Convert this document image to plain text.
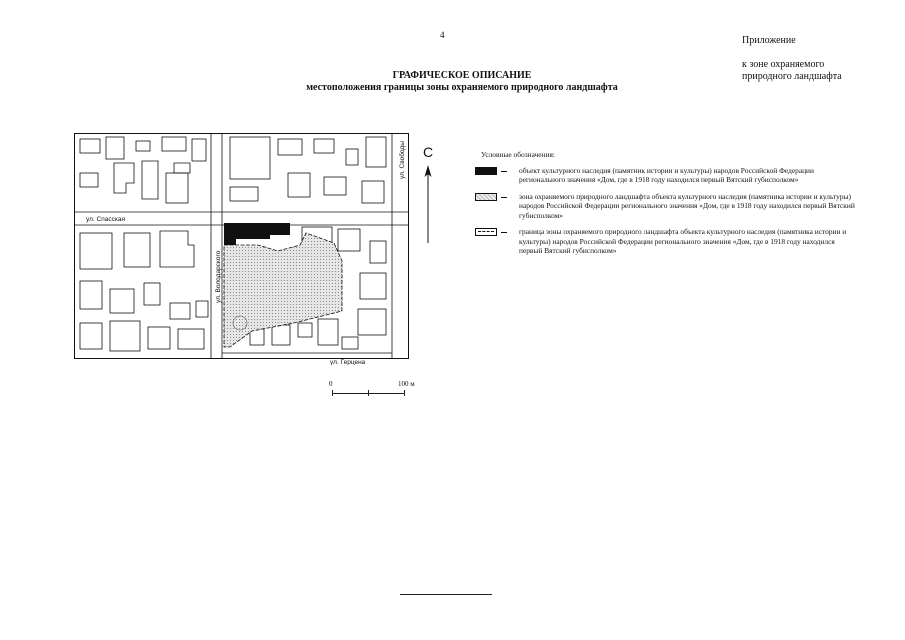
4	Приложение
к зоне охраняемого
природного ландшафта
ГРАФИЧЕСКОЕ ОПИСАНИЕ
местоположения границы зоны охраняемого природного ландшафта
ул. Спасская
ул. Володарского
ул. Герцена
ул. Свободы С
0	100 м
Условные обозначения:
объект культурного наследия (памятник истории и культуры) народов Российской Федерации регионального значения «Дом, где в 1918 году находился первый Вятский губисполком»
зона охраняемого природного ландшафта объекта культурного наследия (памятника истории и культуры) народов Российской Федерации регионального значения «Дом, где в 1918 году находился первый Вятский губисполком»
граница зоны охраняемого природного ландшафта объекта культурного наследия (памятника истории и культуры) народов Российской Федерации регионального значения «Дом, где в 1918 году находился первый Вятский губисполком»
